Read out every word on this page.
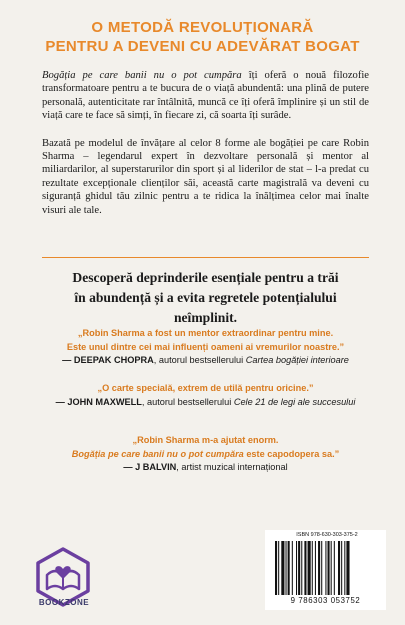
O METODĂ REVOLUȚIONARĂ
PENTRU A DEVENI CU ADEVĂRAT BOGAT

Bogăția pe care banii nu o pot cumpăra îți oferă o nouă filozofie transformatoare pentru a te bucura de o viață abundentă: una plină de putere personală, autenticitate rar întâlnită, muncă ce îți oferă împlinire și un stil de viață care te face să simți, în fiecare zi, că soarta îți surâde.

Bazată pe modelul de învățare al celor 8 forme ale bogăției pe care Robin Sharma – legendarul expert în dezvoltare personală și mentor al miliardarilor, al superstarurilor din sport și al liderilor de stat – l-a predat cu rezultate excepționale clienților săi, această carte magistrală va deveni cu siguranță ghidul tău zilnic pentru a te ridica la înălțimea celor mai înalte visuri ale tale.

Descoperă deprinderile esențiale pentru a trăi
în abundență și a evita regretele potențialului neîmplinit.
„Robin Sharma a fost un mentor extraordinar pentru mine.
Este unul dintre cei mai influenți oameni ai vremurilor noastre.”
— DEEPAK CHOPRA, autorul bestsellerului Cartea bogăției interioare
„O carte specială, extrem de utilă pentru oricine.”
— JOHN MAXWELL, autorul bestsellerului Cele 21 de legi ale succesului
„Robin Sharma m-a ajutat enorm.
Bogăția pe care banii nu o pot cumpăra este capodopera sa.”
— J BALVIN, artist muzical internațional
BOOKZONE
ISBN 978-630-303-375-2
9 786303 053752
